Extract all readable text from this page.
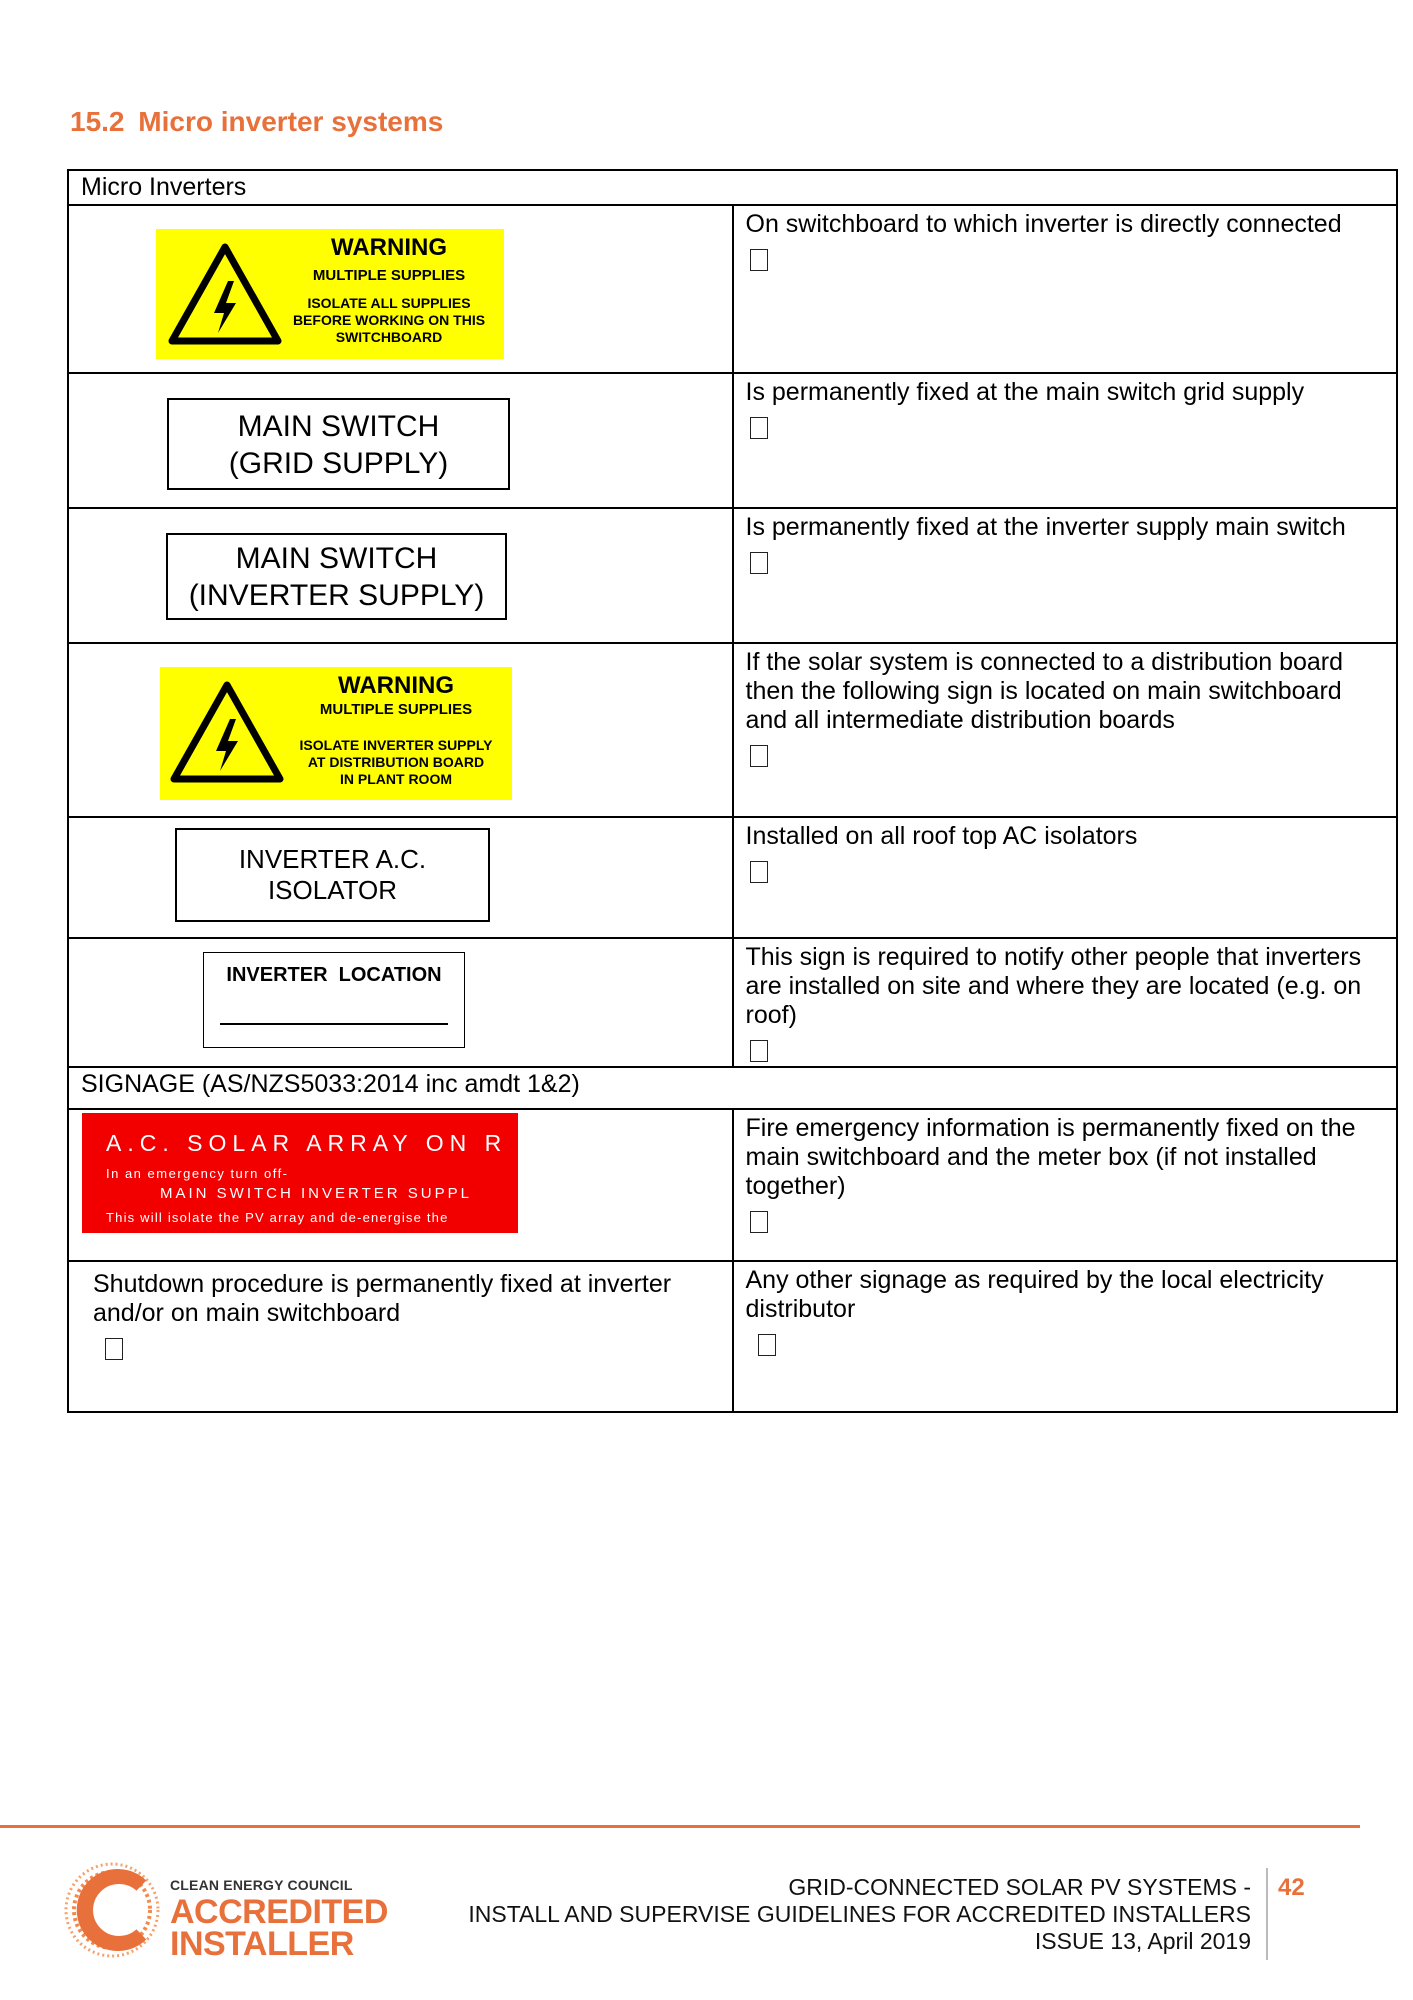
15.2 Micro inverter systems
Micro Inverters	

WARNING
MULTIPLE SUPPLIES
ISOLATE ALL SUPPLIES
BEFORE WORKING ON THIS
SWITCHBOARD	On switchboard to which inverter is directly connected

MAIN SWITCH
(GRID SUPPLY)	Is permanently fixed at the main switch grid supply

MAIN SWITCH
(INVERTER SUPPLY)	Is permanently fixed at the inverter supply main switch

WARNING
MULTIPLE SUPPLIES
ISOLATE INVERTER SUPPLY
AT DISTRIBUTION BOARD
IN PLANT ROOM	If the solar system is connected to a distribution board then the following sign is located on main switchboard and all intermediate distribution boards

INVERTER A.C.
ISOLATOR	Installed on all roof top AC isolators

INVERTER  LOCATION	This sign is required to notify other people that inverters are installed on site and where they are located (e.g. on roof)

SIGNAGE (AS/NZS5033:2014 inc amdt 1&2)	

A.C. SOLAR ARRAY ON R
In an emergency turn off-
MAIN SWITCH INVERTER SUPPL
This will isolate the PV array and de-energise the	Fire emergency information is permanently fixed on the main switchboard and the meter box (if not installed together)

Shutdown procedure is permanently fixed at inverter and/or on main switchboard	Any other signage as required by the local electricity distributor
CLEAN ENERGY COUNCIL
ACCREDITED
INSTALLER
GRID-CONNECTED SOLAR PV SYSTEMS -
INSTALL AND SUPERVISE GUIDELINES FOR ACCREDITED INSTALLERS
ISSUE 13, April 2019
42
